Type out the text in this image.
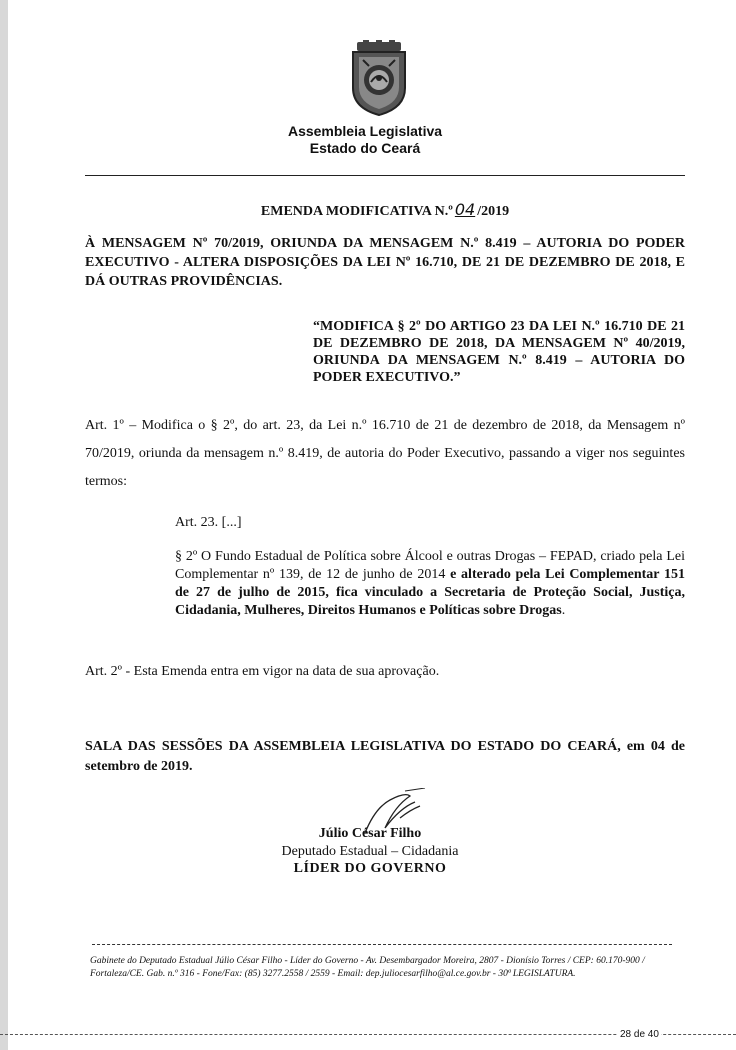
Assembleia Legislativa
Estado do Ceará
EMENDA MODIFICATIVA N.º 04 /2019
À MENSAGEM Nº 70/2019, ORIUNDA DA MENSAGEM N.º 8.419 – AUTORIA DO PODER EXECUTIVO - ALTERA DISPOSIÇÕES DA LEI Nº 16.710, DE 21 DE DEZEMBRO DE 2018, E DÁ OUTRAS PROVIDÊNCIAS.
“MODIFICA § 2º DO ARTIGO 23 DA LEI N.º 16.710 DE 21 DE DEZEMBRO DE 2018, DA MENSAGEM Nº 40/2019, ORIUNDA DA MENSAGEM N.º 8.419 – AUTORIA DO PODER EXECUTIVO.”
Art. 1º – Modifica o § 2º, do art. 23, da Lei n.º 16.710 de 21 de dezembro de 2018, da Mensagem nº 70/2019, oriunda da mensagem n.º 8.419, de autoria do Poder Executivo, passando a viger nos seguintes termos:
Art. 23. [...]
§ 2º O Fundo Estadual de Política sobre Álcool e outras Drogas – FEPAD, criado pela Lei Complementar nº 139, de 12 de junho de 2014 e alterado pela Lei Complementar 151 de 27 de julho de 2015, fica vinculado a Secretaria de Proteção Social, Justiça, Cidadania, Mulheres, Direitos Humanos e Políticas sobre Drogas.
Art. 2º - Esta Emenda entra em vigor na data de sua aprovação.
SALA DAS SESSÕES DA ASSEMBLEIA LEGISLATIVA DO ESTADO DO CEARÁ, em 04 de setembro de 2019.
Júlio César Filho
Deputado Estadual – Cidadania
LÍDER DO GOVERNO
Gabinete do Deputado Estadual Júlio César Filho - Líder do Governo - Av. Desembargador Moreira, 2807 - Dionísio Torres / CEP: 60.170-900 /
Fortaleza/CE. Gab. n.º 316 - Fone/Fax: (85) 3277.2558 / 2559 - Email: dep.juliocesarfilho@al.ce.gov.br - 30ª LEGISLATURA.
28 de 40
